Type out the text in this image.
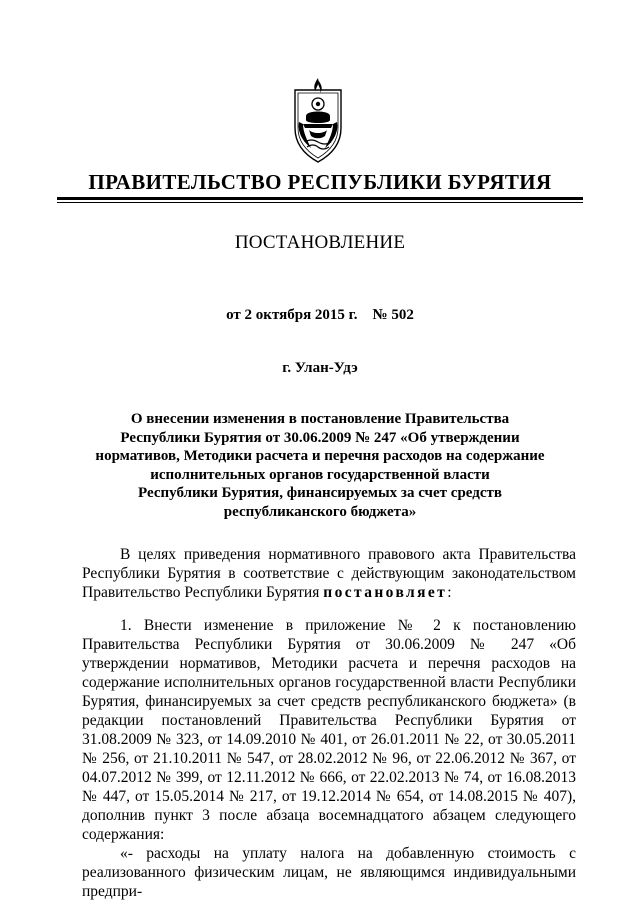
ПРАВИТЕЛЬСТВО РЕСПУБЛИКИ БУРЯТИЯ
ПОСТАНОВЛЕНИЕ
от 2 октября 2015 г.    № 502
г. Улан-Удэ
О внесении изменения в постановление Правительства
Республики Бурятия от 30.06.2009 № 247 «Об утверждении
нормативов, Методики расчета и перечня расходов на содержание
исполнительных органов государственной власти
Республики Бурятия, финансируемых за счет средств
республиканского бюджета»

В целях приведения нормативного правового акта Правительства Республики Бурятия в соответствие с действующим законодательством Правительство Республики Бурятия постановляет:

1. Внести изменение в приложение № 2 к постановлению Правительства Республики Бурятия от 30.06.2009 № 247 «Об утверждении нормативов, Методики расчета и перечня расходов на содержание исполнительных органов государственной власти Республики Бурятия, финансируемых за счет средств республиканского бюджета» (в редакции постановлений Правительства Республики Бурятия от 31.08.2009 № 323, от 14.09.2010 № 401, от 26.01.2011 № 22, от 30.05.2011 № 256, от 21.10.2011 № 547, от 28.02.2012 № 96, от 22.06.2012 № 367, от 04.07.2012 № 399, от 12.11.2012 № 666, от 22.02.2013 № 74, от 16.08.2013 № 447, от 15.05.2014 № 217, от 19.12.2014 № 654, от 14.08.2015 № 407), дополнив пункт 3 после абзаца восемнадцатого абзацем следующего содержания:

«- расходы на уплату налога на добавленную стоимость с реализованного физическим лицам, не являющимся индивидуальными предпри-
